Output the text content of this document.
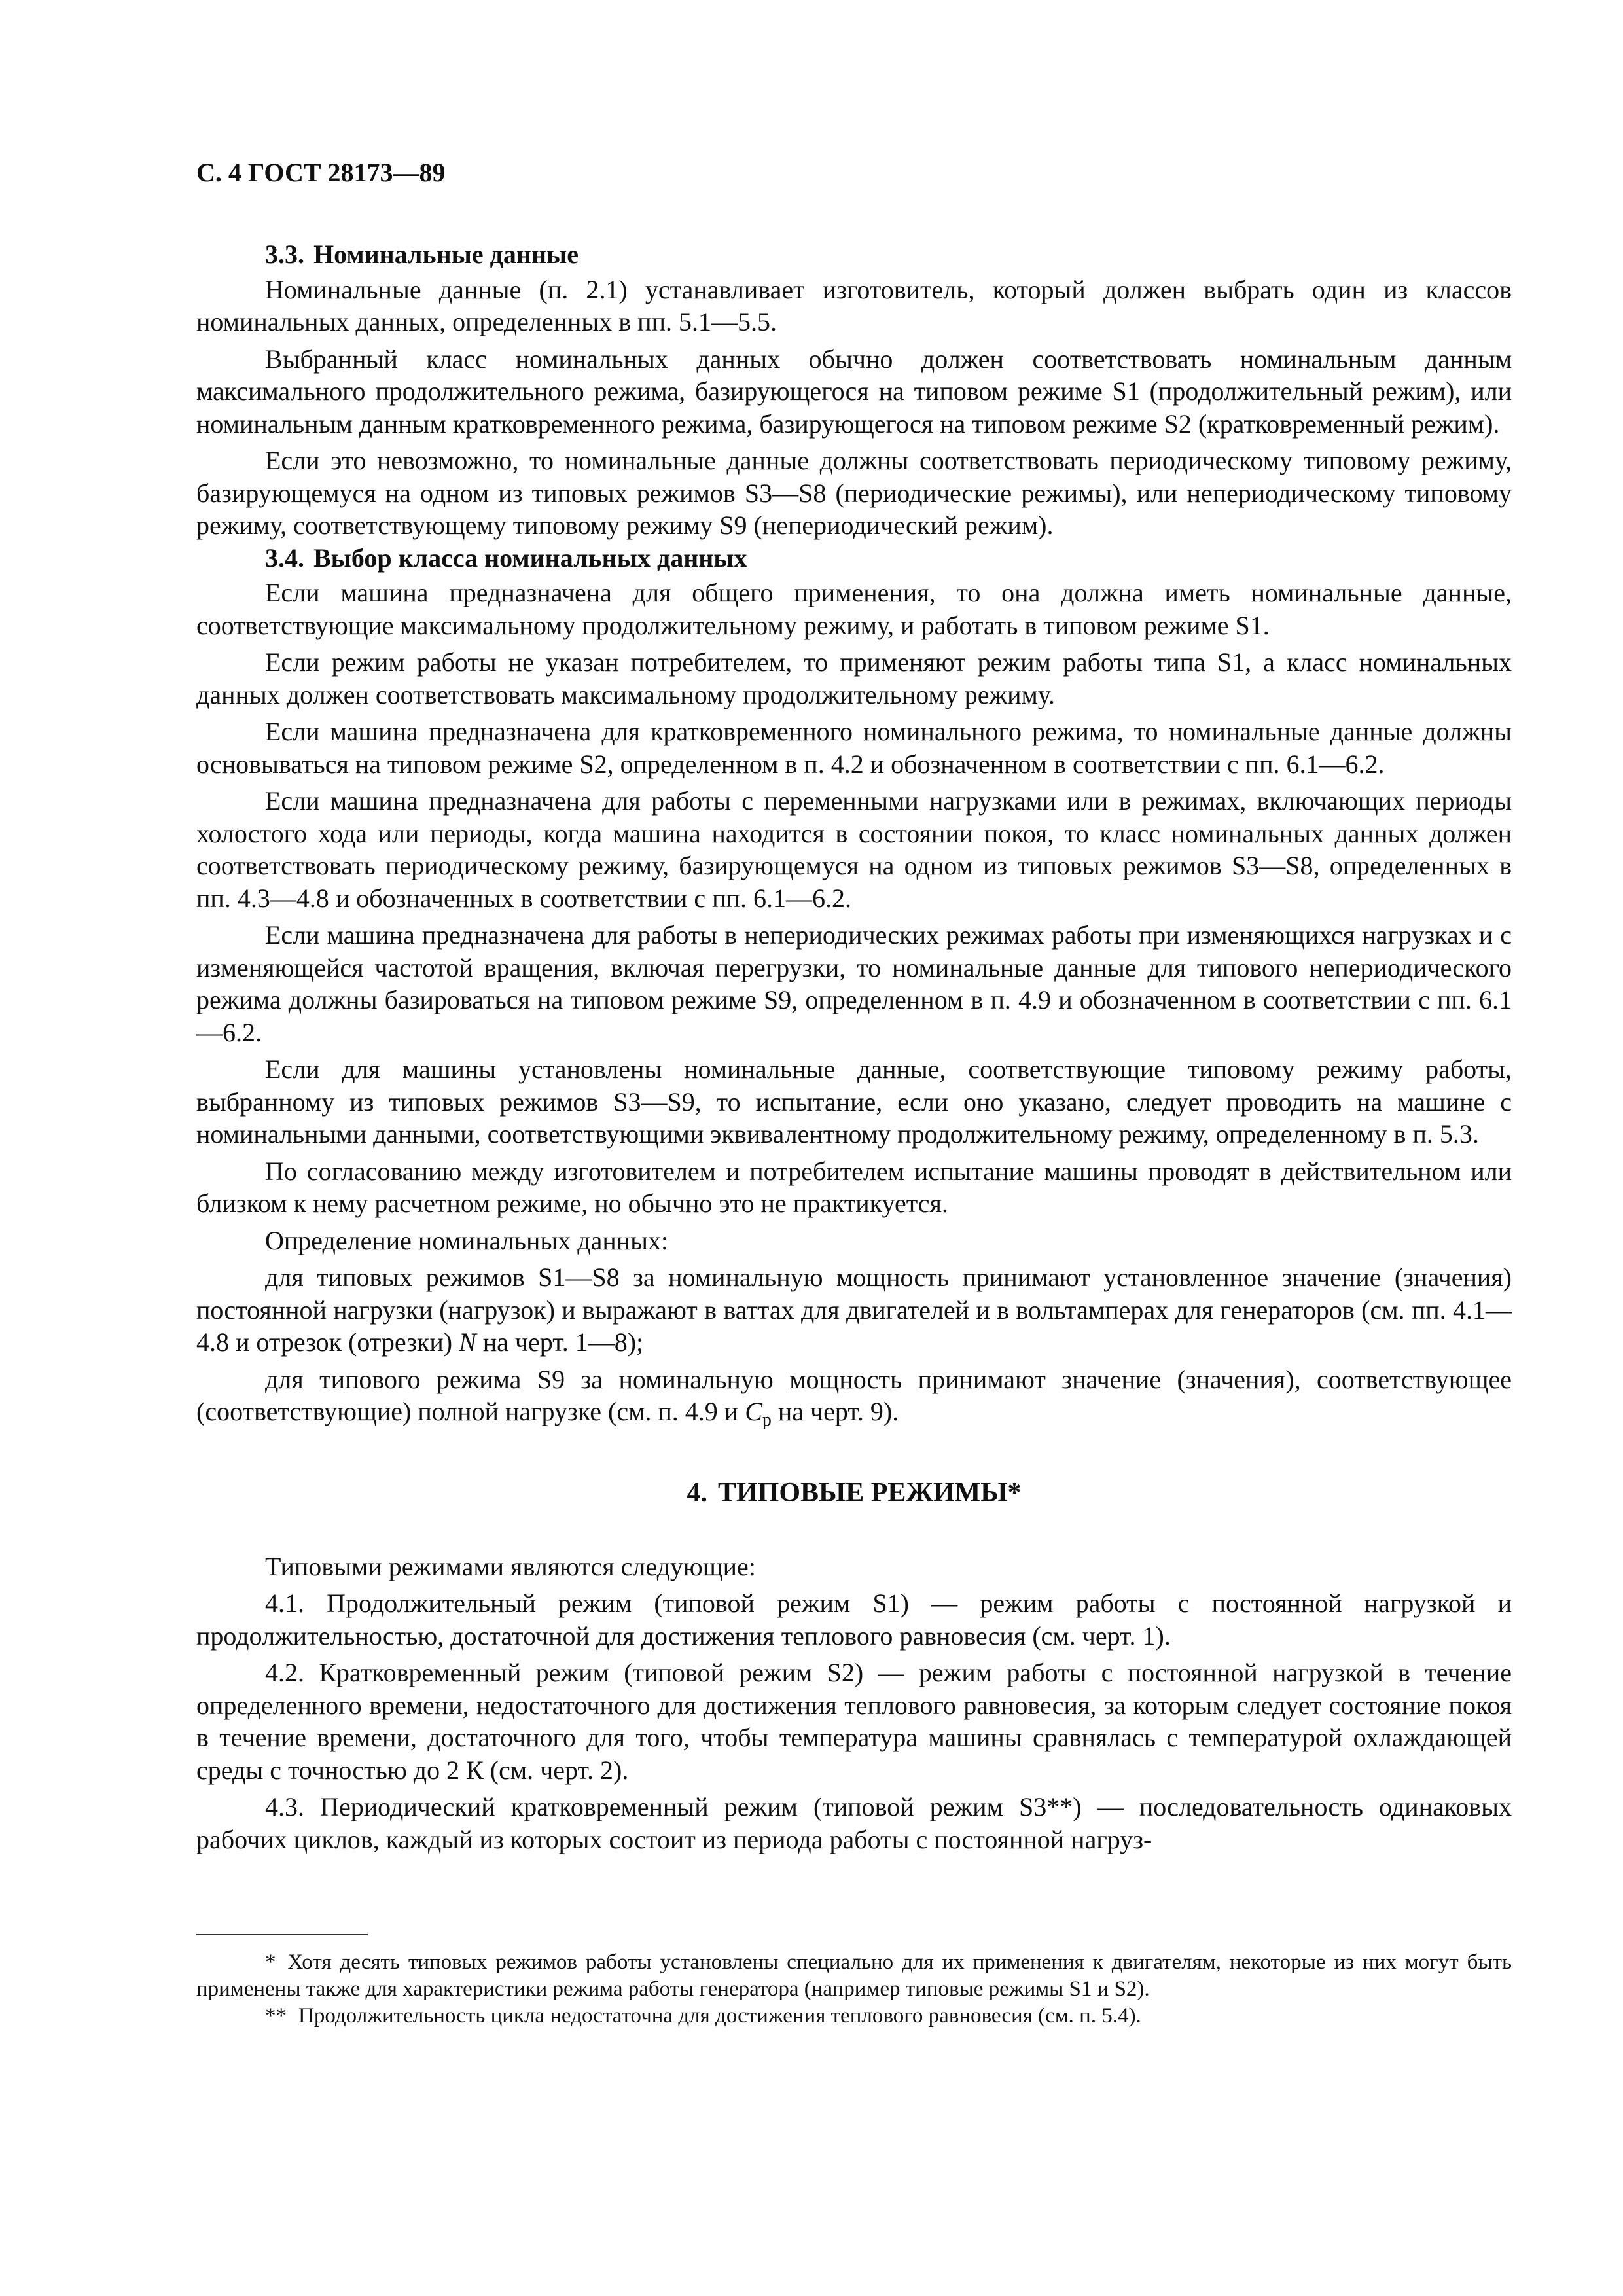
С. 4 ГОСТ 28173—89
3.3. Номинальные данные
Номинальные данные (п. 2.1) устанавливает изготовитель, который должен выбрать один из классов номинальных данных, определенных в пп. 5.1—5.5.
Выбранный класс номинальных данных обычно должен соответствовать номинальным данным максимального продолжительного режима, базирующегося на типовом режиме S1 (продолжительный режим), или номинальным данным кратковременного режима, базирующегося на типовом режиме S2 (кратковременный режим).
Если это невозможно, то номинальные данные должны соответствовать периодическому типовому режиму, базирующемуся на одном из типовых режимов S3—S8 (периодические режимы), или непериодическому типовому режиму, соответствующему типовому режиму S9 (непериодический режим).
3.4. Выбор класса номинальных данных
Если машина предназначена для общего применения, то она должна иметь номинальные данные, соответствующие максимальному продолжительному режиму, и работать в типовом режиме S1.
Если режим работы не указан потребителем, то применяют режим работы типа S1, а класс номинальных данных должен соответствовать максимальному продолжительному режиму.
Если машина предназначена для кратковременного номинального режима, то номинальные данные должны основываться на типовом режиме S2, определенном в п. 4.2 и обозначенном в соответствии с пп. 6.1—6.2.
Если машина предназначена для работы с переменными нагрузками или в режимах, включающих периоды холостого хода или периоды, когда машина находится в состоянии покоя, то класс номинальных данных должен соответствовать периодическому режиму, базирующемуся на одном из типовых режимов S3—S8, определенных в пп. 4.3—4.8 и обозначенных в соответствии с пп. 6.1—6.2.
Если машина предназначена для работы в непериодических режимах работы при изменяющихся нагрузках и с изменяющейся частотой вращения, включая перегрузки, то номинальные данные для типового непериодического режима должны базироваться на типовом режиме S9, определенном в п. 4.9 и обозначенном в соответствии с пп. 6.1—6.2.
Если для машины установлены номинальные данные, соответствующие типовому режиму работы, выбранному из типовых режимов S3—S9, то испытание, если оно указано, следует проводить на машине с номинальными данными, соответствующими эквивалентному продолжительному режиму, определенному в п. 5.3.
По согласованию между изготовителем и потребителем испытание машины проводят в действительном или близком к нему расчетном режиме, но обычно это не практикуется.
Определение номинальных данных:
для типовых режимов S1—S8 за номинальную мощность принимают установленное значение (значения) постоянной нагрузки (нагрузок) и выражают в ваттах для двигателей и в вольтамперах для генераторов (см. пп. 4.1—4.8 и отрезок (отрезки) N на черт. 1—8);
для типового режима S9 за номинальную мощность принимают значение (значения), соответствующее (соответствующие) полной нагрузке (см. п. 4.9 и $C_p$ на черт. 9).
4. ТИПОВЫЕ РЕЖИМЫ*
Типовыми режимами являются следующие:
4.1. Продолжительный режим (типовой режим S1) — режим работы с постоянной нагрузкой и продолжительностью, достаточной для достижения теплового равновесия (см. черт. 1).
4.2. Кратковременный режим (типовой режим S2) — режим работы с постоянной нагрузкой в течение определенного времени, недостаточного для достижения теплового равновесия, за которым следует состояние покоя в течение времени, достаточного для того, чтобы температура машины сравнялась с температурой охлаждающей среды с точностью до 2 К (см. черт. 2).
4.3. Периодический кратковременный режим (типовой режим S3**) — последовательность одинаковых рабочих циклов, каждый из которых состоит из периода работы с постоянной нагруз-
* Хотя десять типовых режимов работы установлены специально для их применения к двигателям, некоторые из них могут быть применены также для характеристики режима работы генератора (например типовые режимы S1 и S2).
** Продолжительность цикла недостаточна для достижения теплового равновесия (см. п. 5.4).
